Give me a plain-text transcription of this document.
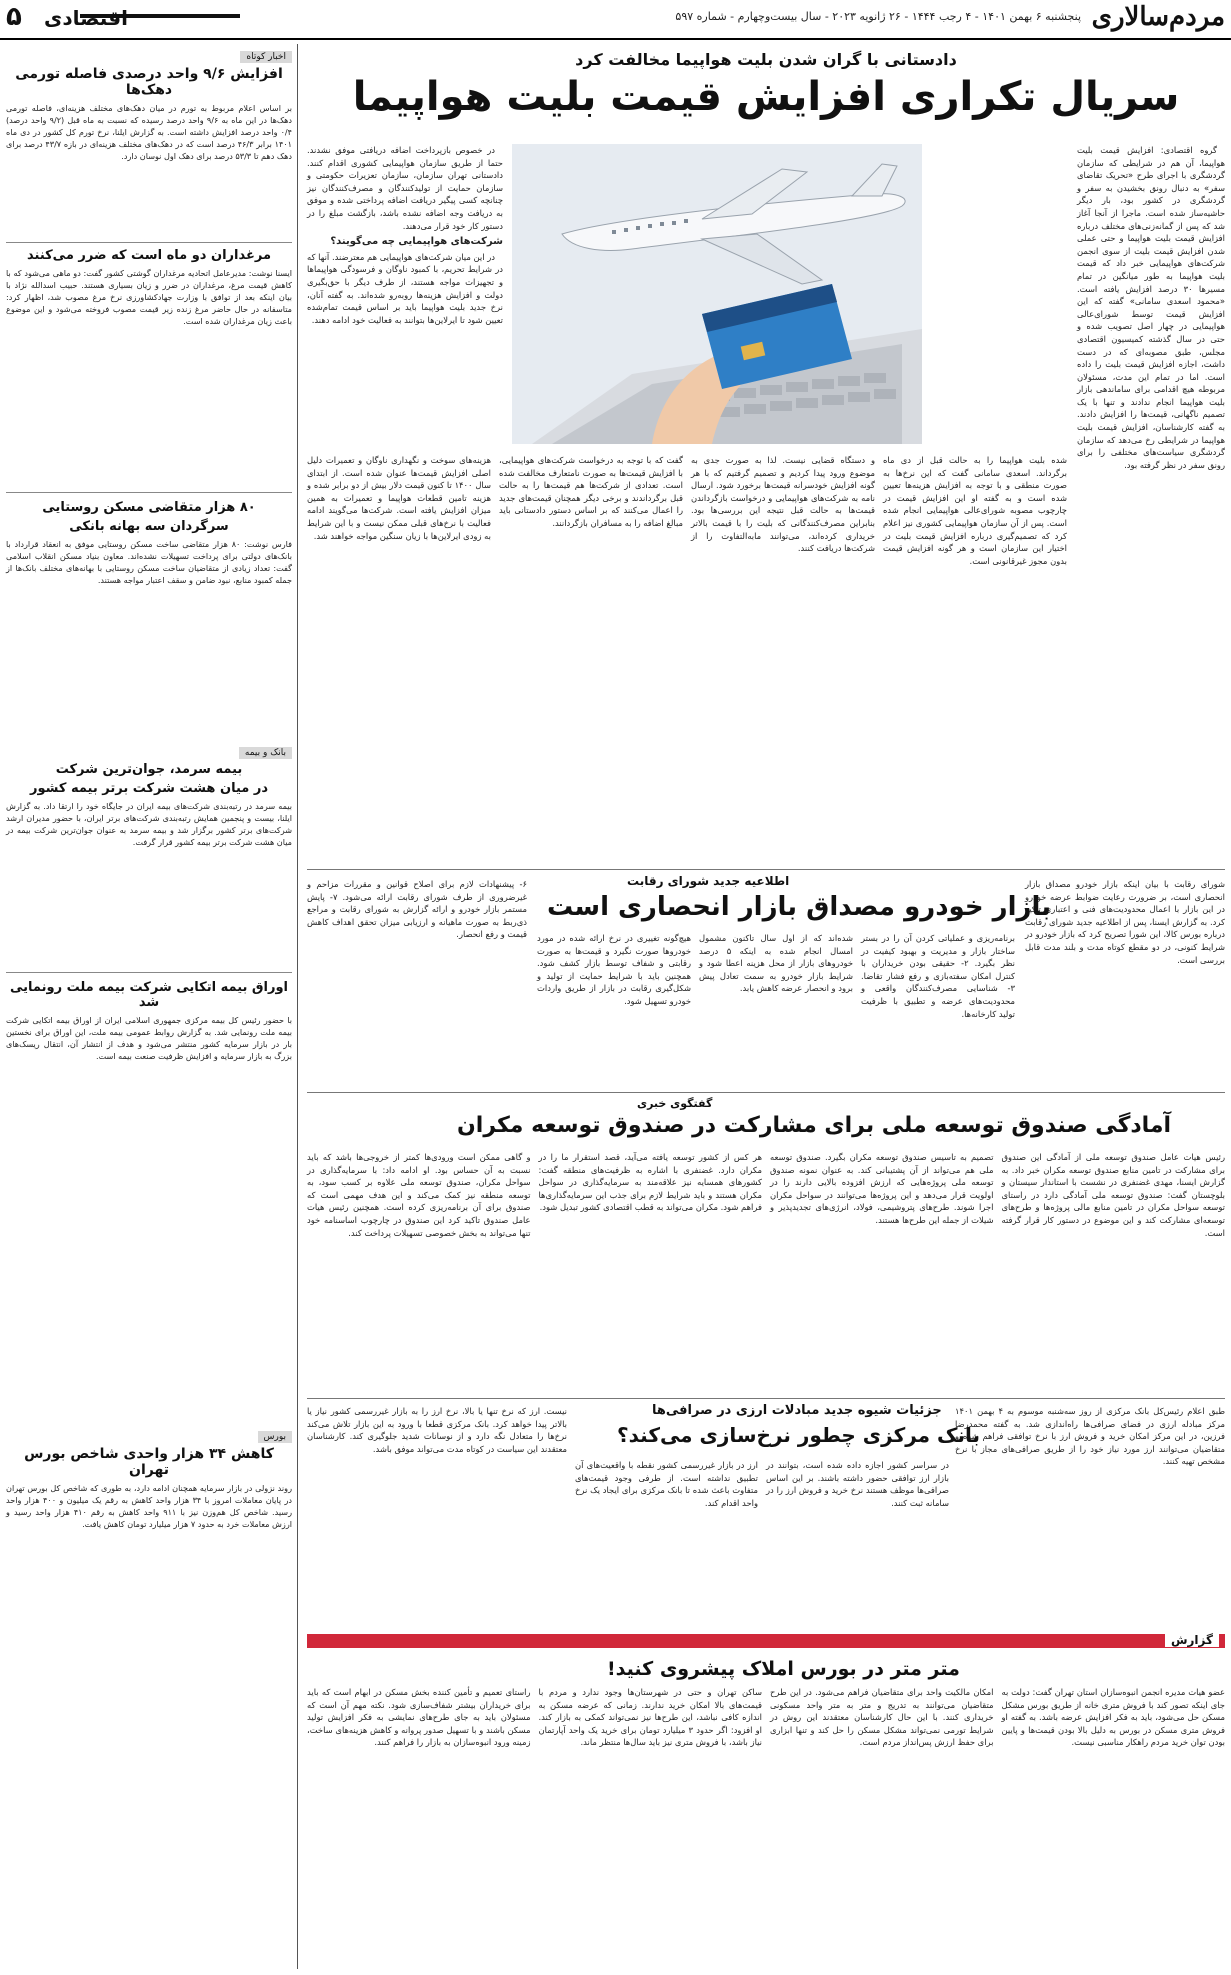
مردم‌سالاری
پنجشنبه ۶ بهمن ۱۴۰۱ - ۴ رجب ۱۴۴۴ - ۲۶ ژانویه ۲۰۲۳ - سال بیست‌وچهارم - شماره ۵۹۷
اقتصادی
۵
دادستانی با گران شدن بلیت هواپیما مخالفت کرد
سریال تکراری افزایش قیمت بلیت هواپیما

گروه اقتصادی: افزایش قیمت بلیت هواپیما، آن هم در شرایطی که سازمان گردشگری با اجرای طرح «تحریک تقاضای سفر» به دنبال رونق بخشیدن به سفر و گردشگری در کشور بود، بار دیگر حاشیه‌ساز شده است. ماجرا از آنجا آغاز شد که پس از گمانه‌زنی‌های مختلف درباره افزایش قیمت بلیت هواپیما و حتی عملی شدن افزایش قیمت بلیت از سوی انجمن شرکت‌های هواپیمایی خبر داد که قیمت بلیت هواپیما به طور میانگین در تمام مسیرها ۳۰ درصد افزایش یافته است. «محمود اسعدی سامانی» گفته که این افزایش قیمت توسط شورای‌عالی هواپیمایی در چهار اصل تصویب شده و حتی در سال گذشته کمیسیون اقتصادی مجلس، طبق مصوبه‌ای که در دست داشت، اجازه افزایش قیمت بلیت را داده است. اما در تمام این مدت، مسئولان مربوطه هیچ اقدامی برای ساماندهی بازار بلیت هواپیما انجام ندادند و تنها با یک تصمیم ناگهانی، قیمت‌ها را افزایش دادند. به گفته کارشناسان، افزایش قیمت بلیت هواپیما در شرایطی رخ می‌دهد که سازمان گردشگری سیاست‌های مختلفی را برای رونق سفر در نظر گرفته بود.

در خصوص بازپرداخت اضافه دریافتی موفق نشدند. حتما از طریق سازمان هواپیمایی کشوری اقدام کنند. دادستانی تهران سازمان، سازمان تعزیرات حکومتی و سازمان حمایت از تولیدکنندگان و مصرف‌کنندگان نیز چنانچه کسی پیگیر دریافت اضافه پرداختی شده و موفق به دریافت وجه اضافه نشده باشد، بازگشت مبلغ را در دستور کار خود قرار می‌دهند.

شرکت‌های هواپیمایی چه می‌گویند؟

در این میان شرکت‌های هواپیمایی هم معترضند. آنها که در شرایط تحریم، با کمبود ناوگان و فرسودگی هواپیماها و تجهیزات مواجه هستند، از طرف دیگر با حق‌بگیری دولت و افزایش هزینه‌ها روبه‌رو شده‌اند. به گفته آنان، نرخ جدید بلیت هواپیما باید بر اساس قیمت تمام‌شده تعیین شود تا ایرلاین‌ها بتوانند به فعالیت خود ادامه دهند.

شده بلیت هواپیما را به حالت قبل از دی ماه برگرداند. اسعدی سامانی گفت که این نرخ‌ها به صورت منطقی و با توجه به افزایش هزینه‌ها تعیین شده است و به گفته او این افزایش قیمت در چارچوب مصوبه شورای‌عالی هواپیمایی انجام شده است. پس از آن سازمان هواپیمایی کشوری نیز اعلام کرد که تصمیم‌گیری درباره افزایش قیمت بلیت در اختیار این سازمان است و هر گونه افزایش قیمت بدون مجوز غیرقانونی است.
و دستگاه قضایی نیست. لذا به صورت جدی به موضوع ورود پیدا کردیم و تصمیم گرفتیم که با هر گونه افزایش خودسرانه قیمت‌ها برخورد شود. ارسال نامه به شرکت‌های هواپیمایی و درخواست بازگرداندن قیمت‌ها به حالت قبل نتیجه این بررسی‌ها بود. بنابراین مصرف‌کنندگانی که بلیت را با قیمت بالاتر خریداری کرده‌اند، می‌توانند مابه‌التفاوت را از شرکت‌ها دریافت کنند.
گفت که با توجه به درخواست شرکت‌های هواپیمایی، با افزایش قیمت‌ها به صورت نامتعارف مخالفت شده است. تعدادی از شرکت‌ها هم قیمت‌ها را به حالت قبل برگرداندند و برخی دیگر همچنان قیمت‌های جدید را اعمال می‌کنند که بر اساس دستور دادستانی باید مبالغ اضافه را به مسافران بازگردانند.
هزینه‌های سوخت و نگهداری ناوگان و تعمیرات دلیل اصلی افزایش قیمت‌ها عنوان شده است. از ابتدای سال ۱۴۰۰ تا کنون قیمت دلار بیش از دو برابر شده و هزینه تامین قطعات هواپیما و تعمیرات به همین میزان افزایش یافته است. شرکت‌ها می‌گویند ادامه فعالیت با نرخ‌های قبلی ممکن نیست و با این شرایط به زودی ایرلاین‌ها با زیان سنگین مواجه خواهند شد.
شورای رقابت با بیان اینکه بازار خودرو مصداق بازار انحصاری است، بر ضرورت رعایت ضوابط عرضه خودرو در این بازار با اعمال محدودیت‌های فنی و اعتباری تاکید کرد. به گزارش ایسنا، پس از اطلاعیه جدید شورای رقابت درباره بورس کالا، این شورا تصریح کرد که بازار خودرو در شرایط کنونی، در دو مقطع کوتاه مدت و بلند مدت قابل بررسی است.
اطلاعیه جدید شورای رقابت
بازار خودرو مصداق بازار انحصاری است
برنامه‌ریزی و عملیاتی کردن آن را در بستر ساختار بازار و مدیریت و بهبود کیفیت در نظر بگیرد. ۲- حقیقی بودن خریداران با کنترل امکان سفته‌بازی و رفع فشار تقاضا. ۳- شناسایی مصرف‌کنندگان واقعی و محدودیت‌های عرضه و تطبیق با ظرفیت تولید کارخانه‌ها.
شده‌اند که از اول سال تاکنون مشمول امسال انجام شده به اینکه ۵ درصد خودروهای بازار از محل هزینه اعطا شود و شرایط بازار خودرو به سمت تعادل پیش برود و انحصار عرضه کاهش یابد.
هیچ‌گونه تغییری در نرخ ارائه شده در مورد خودروها صورت نگیرد و قیمت‌ها به صورت رقابتی و شفاف توسط بازار کشف شود. همچنین باید با شرایط حمایت از تولید و شکل‌گیری رقابت در بازار از طریق واردات خودرو تسهیل شود.
۶- پیشنهادات لازم برای اصلاح قوانین و مقررات مزاحم و غیرضروری از طرف شورای رقابت ارائه می‌شود. ۷- پایش مستمر بازار خودرو و ارائه گزارش به شورای رقابت و مراجع ذی‌ربط به صورت ماهیانه و ارزیابی میزان تحقق اهداف کاهش قیمت و رفع انحصار.
گفتگوی خبری
آمادگی صندوق توسعه ملی برای مشارکت در صندوق توسعه مکران
رئیس هیات عامل صندوق توسعه ملی از آمادگی این صندوق برای مشارکت در تامین منابع صندوق توسعه مکران خبر داد. به گزارش ایسنا، مهدی غضنفری در نشست با استاندار سیستان و بلوچستان گفت: صندوق توسعه ملی آمادگی دارد در راستای توسعه سواحل مکران در تامین منابع مالی پروژه‌ها و طرح‌های توسعه‌ای مشارکت کند و این موضوع در دستور کار قرار گرفته است.
تصمیم به تاسیس صندوق توسعه مکران بگیرد. صندوق توسعه ملی هم می‌تواند از آن پشتیبانی کند. به عنوان نمونه صندوق توسعه ملی پروژه‌هایی که ارزش افزوده بالایی دارند را در اولویت قرار می‌دهد و این پروژه‌ها می‌توانند در سواحل مکران اجرا شوند. طرح‌های پتروشیمی، فولاد، انرژی‌های تجدیدپذیر و شیلات از جمله این طرح‌ها هستند.
هر کس از کشور توسعه یافته می‌آید، قصد استقرار ما را در مکران دارد. غضنفری با اشاره به ظرفیت‌های منطقه گفت: کشورهای همسایه نیز علاقه‌مند به سرمایه‌گذاری در سواحل مکران هستند و باید شرایط لازم برای جذب این سرمایه‌گذاری‌ها فراهم شود. مکران می‌تواند به قطب اقتصادی کشور تبدیل شود.
و گاهی ممکن است ورودی‌ها کمتر از خروجی‌ها باشد که باید نسبت به آن حساس بود. او ادامه داد: با سرمایه‌گذاری در سواحل مکران، صندوق توسعه ملی علاوه بر کسب سود، به توسعه منطقه نیز کمک می‌کند و این هدف مهمی است که صندوق برای آن برنامه‌ریزی کرده است. همچنین رئیس هیات عامل صندوق تاکید کرد این صندوق در چارچوب اساسنامه خود تنها می‌تواند به بخش خصوصی تسهیلات پرداخت کند.
طبق اعلام رئیس‌کل بانک مرکزی از روز سه‌شنبه موسوم به ۴ بهمن ۱۴۰۱ مرکز مبادله ارزی در فضای صرافی‌ها راه‌اندازی شد. به گفته محمدرضا فرزین، در این مرکز امکان خرید و فروش ارز با نرخ توافقی فراهم شده و متقاضیان می‌توانند ارز مورد نیاز خود را از طریق صرافی‌های مجاز با نرخ مشخص تهیه کنند.
جزئیات شیوه جدید مبادلات ارزی در صرافی‌ها
بانک مرکزی چطور نرخ‌سازی می‌کند؟
در سراسر کشور اجازه داده شده است، بتوانند در بازار ارز توافقی حضور داشته باشند. بر این اساس صرافی‌ها موظف هستند نرخ خرید و فروش ارز را در سامانه ثبت کنند.
ارز در بازار غیررسمی کشور نقطه با واقعیت‌های آن تطبیق نداشته است. از طرفی وجود قیمت‌های متفاوت باعث شده تا بانک مرکزی برای ایجاد یک نرخ واحد اقدام کند.
نیست. ارز که نرخ تنها یا بالا، نرخ ارز را به بازار غیررسمی کشور نیاز یا بالاتر پیدا خواهد کرد. بانک مرکزی قطعا با ورود به این بازار تلاش می‌کند نرخ‌ها را متعادل نگه دارد و از نوسانات شدید جلوگیری کند. کارشناسان معتقدند این سیاست در کوتاه مدت می‌تواند موفق باشد.
گزارش
متر متر در بورس املاک پیشروی کنید!
عضو هیات مدیره انجمن انبوه‌سازان استان تهران گفت: دولت به جای اینکه تصور کند با فروش متری خانه از طریق بورس مشکل مسکن حل می‌شود، باید به فکر افزایش عرضه باشد. به گفته او فروش متری مسکن در بورس به دلیل بالا بودن قیمت‌ها و پایین بودن توان خرید مردم راهکار مناسبی نیست.
امکان مالکیت واحد برای متقاضیان فراهم می‌شود. در این طرح متقاضیان می‌توانند به تدریج و متر به متر واحد مسکونی خریداری کنند. با این حال کارشناسان معتقدند این روش در شرایط تورمی نمی‌تواند مشکل مسکن را حل کند و تنها ابزاری برای حفظ ارزش پس‌انداز مردم است.
ساکن تهران و حتی در شهرستان‌ها وجود ندارد و مردم با قیمت‌های بالا امکان خرید ندارند. زمانی که عرضه مسکن به اندازه کافی نباشد، این طرح‌ها نیز نمی‌تواند کمکی به بازار کند. او افزود: اگر حدود ۳ میلیارد تومان برای خرید یک واحد آپارتمان نیاز باشد، با فروش متری نیز باید سال‌ها منتظر ماند.
راستای تعمیم و تأمین کننده بخش مسکن در ابهام است که باید برای خریداران بیشتر شفاف‌سازی شود. نکته مهم آن است که مسئولان باید به جای طرح‌های نمایشی به فکر افزایش تولید مسکن باشند و با تسهیل صدور پروانه و کاهش هزینه‌های ساخت، زمینه ورود انبوه‌سازان به بازار را فراهم کنند.
اخبار کوتاه
افزایش ۹/۶ واحد درصدی فاصله تورمی دهک‌ها
بر اساس اعلام مربوط به تورم در میان دهک‌های مختلف هزینه‌ای، فاصله تورمی دهک‌ها در این ماه به ۹/۶ واحد درصد رسیده که نسبت به ماه قبل (۹/۲ واحد درصد) ۰/۴ واحد درصد افزایش داشته است. به گزارش ایلنا، نرخ تورم کل کشور در دی ماه ۱۴۰۱ برابر ۴۶/۳ درصد است که در دهک‌های مختلف هزینه‌ای در بازه ۴۳/۷ درصد برای دهک دهم تا ۵۳/۳ درصد برای دهک اول نوسان دارد.
مرغداران دو ماه است که ضرر می‌کنند
ایسنا نوشت: مدیرعامل اتحادیه مرغداران گوشتی کشور گفت: دو ماهی می‌شود که با کاهش قیمت مرغ، مرغداران در ضرر و زیان بسیاری هستند. حبیب اسدالله نژاد با بیان اینکه بعد از توافق با وزارت جهادکشاورزی نرخ مرغ مصوب شد، اظهار کرد: متاسفانه در حال حاضر مرغ زنده زیر قیمت مصوب فروخته می‌شود و این موضوع باعث زیان مرغداران شده است.
۸۰ هزار متقاضی مسکن روستایی
سرگردان سه بهانه بانکی
فارس نوشت: ۸۰ هزار متقاضی ساخت مسکن روستایی موفق به انعقاد قرارداد با بانک‌های دولتی برای پرداخت تسهیلات نشده‌اند. معاون بنیاد مسکن انقلاب اسلامی گفت: تعداد زیادی از متقاضیان ساخت مسکن روستایی با بهانه‌های مختلف بانک‌ها از جمله کمبود منابع، نبود ضامن و سقف اعتبار مواجه هستند.
بانک و بیمه
بیمه سرمد، جوان‌ترین شرکت
در میان هشت شرکت برتر بیمه کشور
بیمه سرمد در رتبه‌بندی شرکت‌های بیمه ایران در جایگاه خود را ارتقا داد. به گزارش ایلنا، بیست و پنجمین همایش رتبه‌بندی شرکت‌های برتر ایران، با حضور مدیران ارشد شرکت‌های برتر کشور برگزار شد و بیمه سرمد به عنوان جوان‌ترین شرکت بیمه در میان هشت شرکت برتر بیمه کشور قرار گرفت.
اوراق بیمه اتکایی شرکت بیمه ملت رونمایی شد
با حضور رئیس کل بیمه مرکزی جمهوری اسلامی ایران از اوراق بیمه اتکایی شرکت بیمه ملت رونمایی شد. به گزارش روابط عمومی بیمه ملت، این اوراق برای نخستین بار در بازار سرمایه کشور منتشر می‌شود و هدف از انتشار آن، انتقال ریسک‌های بزرگ به بازار سرمایه و افزایش ظرفیت صنعت بیمه است.
بورس
کاهش ۳۴ هزار واحدی شاخص بورس تهران
روند نزولی در بازار سرمایه همچنان ادامه دارد، به طوری که شاخص کل بورس تهران در پایان معاملات امروز با ۳۴ هزار واحد کاهش به رقم یک میلیون و ۴۰۰ هزار واحد رسید. شاخص کل هم‌وزن نیز با ۹۱۱ واحد کاهش به رقم ۴۱۰ هزار واحد رسید و ارزش معاملات خرد به حدود ۷ هزار میلیارد تومان کاهش یافت.
